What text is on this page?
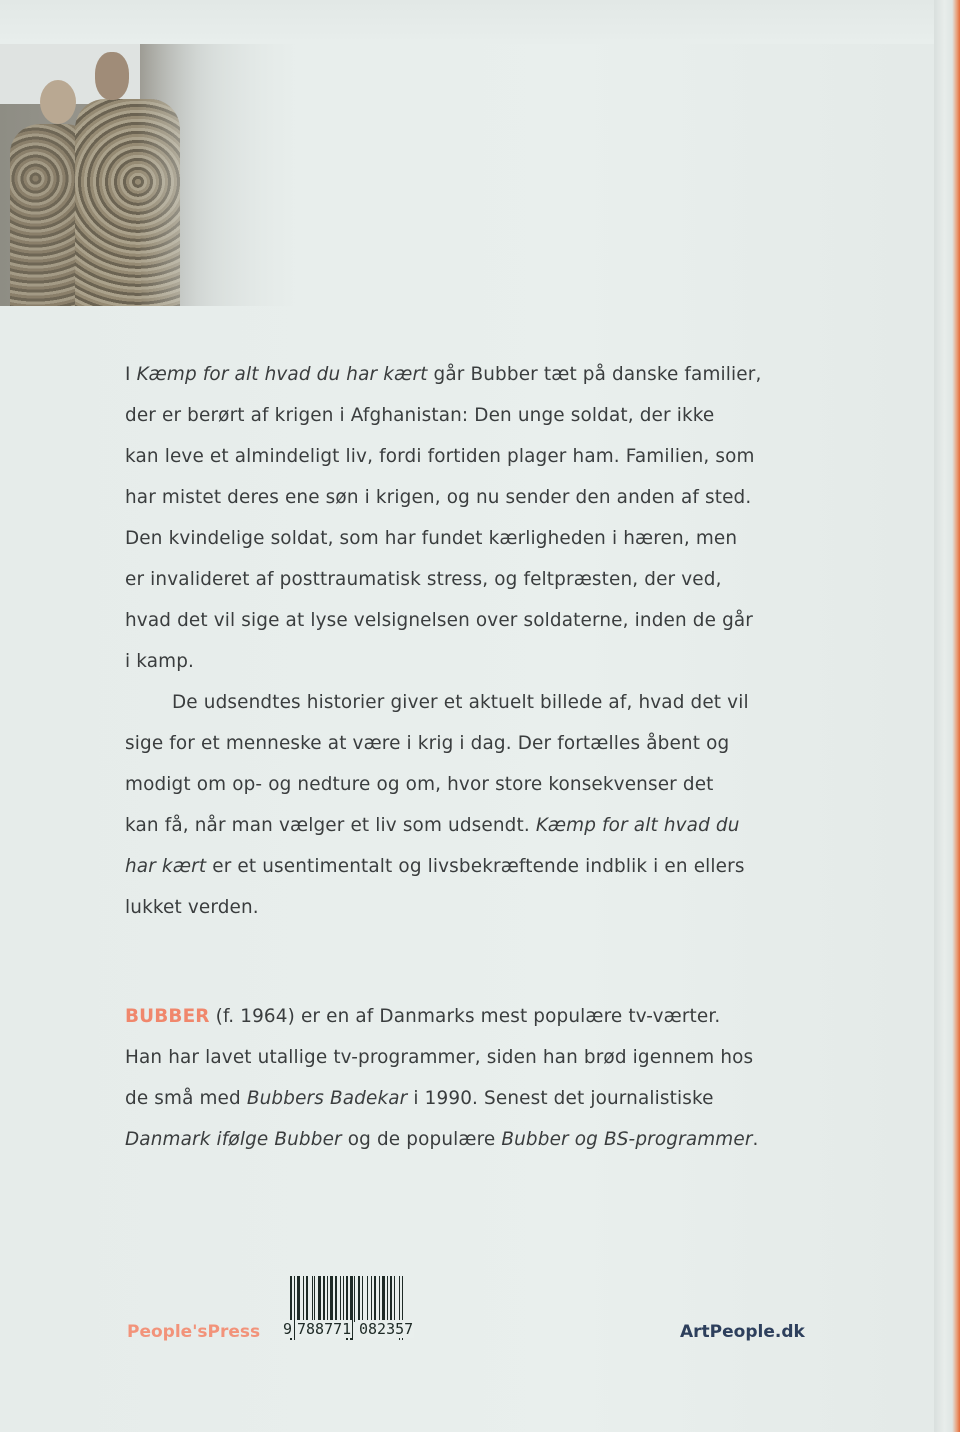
I Kæmp for alt hvad du har kært går Bubber tæt på danske familier,
der er berørt af krigen i Afghanistan: Den unge soldat, der ikke
kan leve et almindeligt liv, fordi fortiden plager ham. Familien, som
har mistet deres ene søn i krigen, og nu sender den anden af sted.
Den kvindelige soldat, som har fundet kærligheden i hæren, men
er invalideret af posttraumatisk stress, og feltpræsten, der ved,
hvad det vil sige at lyse velsignelsen over soldaterne, inden de går
i kamp.
De udsendtes historier giver et aktuelt billede af, hvad det vil
sige for et menneske at være i krig i dag. Der fortælles åbent og
modigt om op- og nedture og om, hvor store konsekvenser det
kan få, når man vælger et liv som udsendt. Kæmp for alt hvad du
har kært er et usentimentalt og livsbekræftende indblik i en ellers
lukket verden.
BUBBER (f. 1964) er en af Danmarks mest populære tv-værter.
Han har lavet utallige tv-programmer, siden han brød igennem hos
de små med Bubbers Badekar i 1990. Senest det journalistiske
Danmark ifølge Bubber og de populære Bubber og BS-programmer.
People'sPress 9 788771 082357	ArtPeople.dk
